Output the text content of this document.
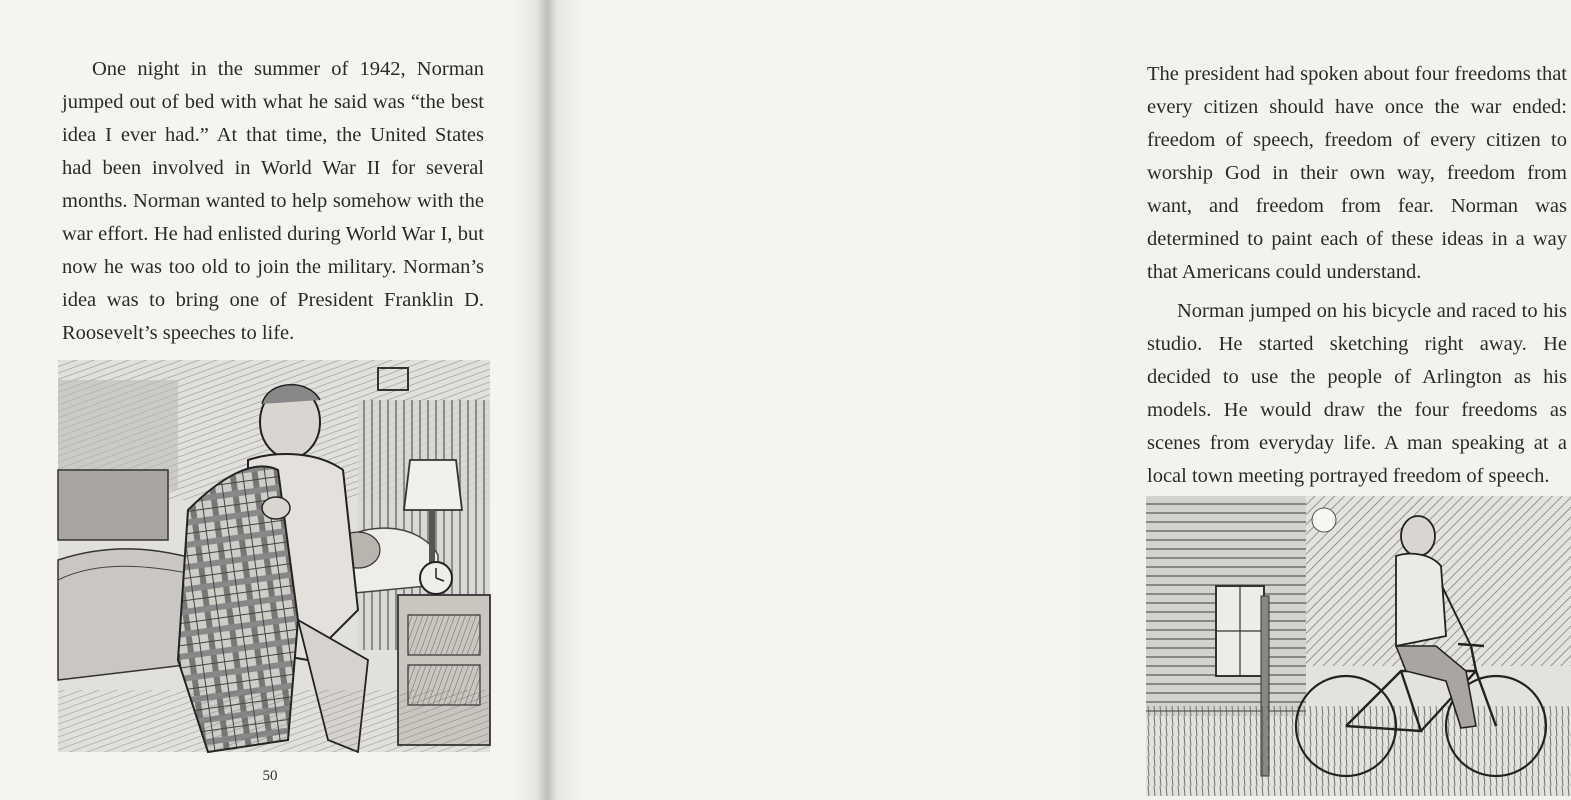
One night in the summer of 1942, Norman jumped out of bed with what he said was “the best idea I ever had.” At that time, the United States had been involved in World War II for several months. Norman wanted to help somehow with the war effort. He had enlisted during World War I, but now he was too old to join the military. Norman’s idea was to bring one of President Franklin D. Roosevelt’s speeches to life.

50

The president had spoken about four freedoms that every citizen should have once the war ended: freedom of speech, freedom of every citizen to worship God in their own way, freedom from want, and freedom from fear. Norman was determined to paint each of these ideas in a way that Americans could understand.

Norman jumped on his bicycle and raced to his studio. He started sketching right away. He decided to use the people of Arlington as his models. He would draw the four freedoms as scenes from everyday life. A man speaking at a local town meeting portrayed freedom of speech.
